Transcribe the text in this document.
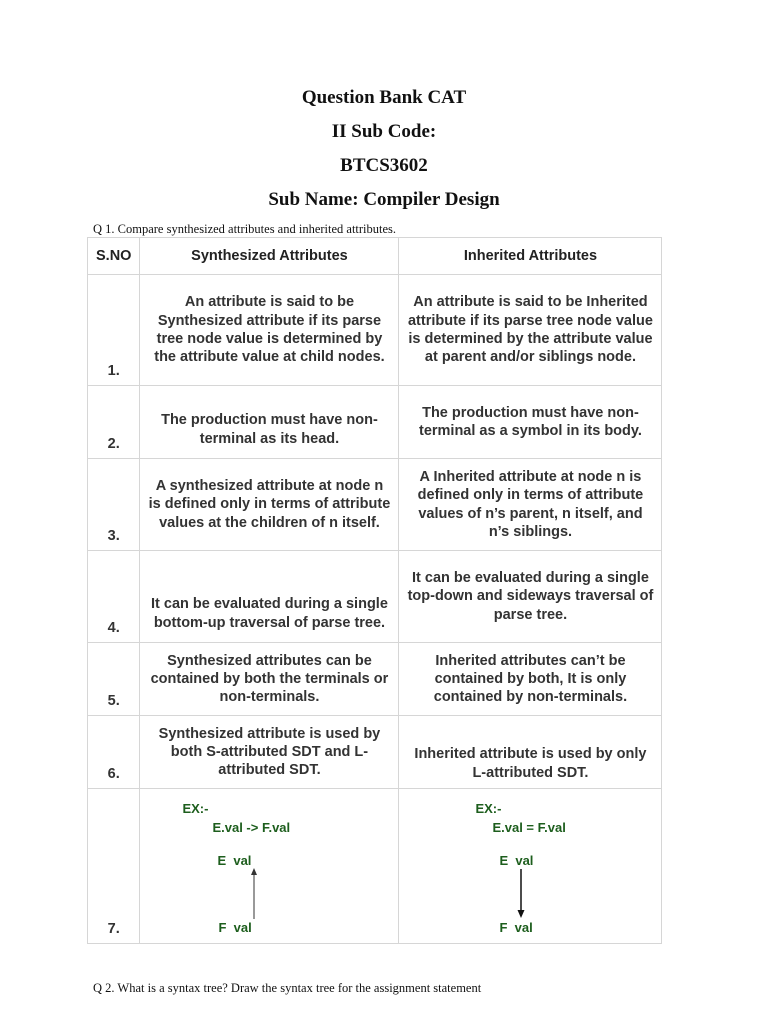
Question Bank CAT
II Sub Code:
BTCS3602
Sub Name: Compiler Design
Q 1. Compare synthesized attributes and inherited attributes.
S.NO	Synthesized Attributes	Inherited Attributes
1.	An attribute is said to be Synthesized attribute if its parse tree node value is determined by the attribute value at child nodes.	An attribute is said to be Inherited attribute if its parse tree node value is determined by the attribute value at parent and/or siblings node.
2.	The production must have non-terminal as its head.	The production must have non-terminal as a symbol in its body.
3.	A synthesized attribute at node n is defined only in terms of attribute values at the children of n itself.	A Inherited attribute at node n is defined only in terms of attribute values of n’s parent, n itself, and n’s siblings.
4.	It can be evaluated during a single bottom-up traversal of parse tree.	It can be evaluated during a single top-down and sideways traversal of parse tree.
5.	Synthesized attributes can be contained by both the terminals or non-terminals.	Inherited attributes can’t be contained by both, It is only contained by non-terminals.
6.	Synthesized attribute is used by both S-attributed SDT and L-attributed SDT.	Inherited attribute is used by only L-attributed SDT.
7.	EX:-
E.val -> F.val
E  val
F  val	EX:-
E.val = F.val
E  val
F  val
Q 2. What is a syntax tree? Draw the syntax tree for the assignment statement
